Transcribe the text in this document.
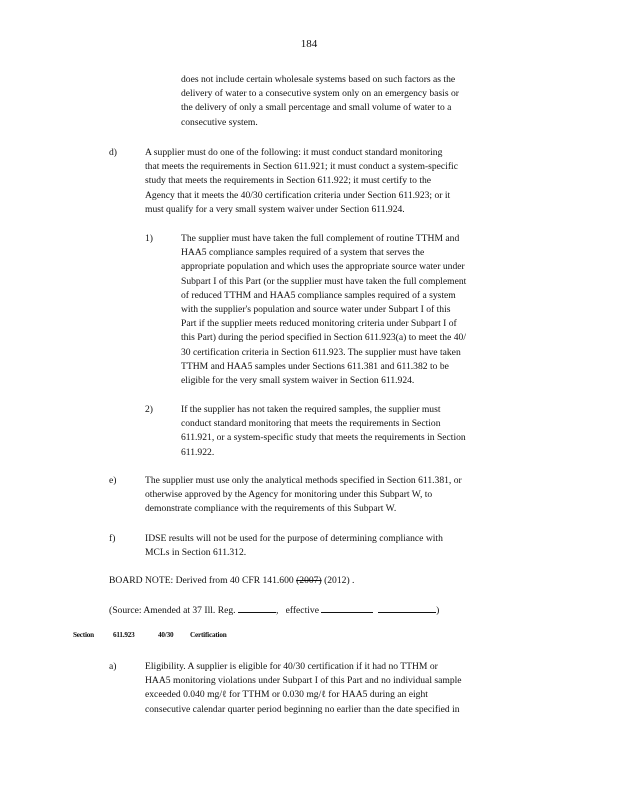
184
does not include certain wholesale systems based on such factors as the
delivery of water to a consecutive system only on an emergency basis or
the delivery of only a small percentage and small volume of water to a
consecutive system.
d)	A supplier must do one of the following: it must conduct standard monitoring
that meets the requirements in Section 611.921; it must conduct a system-specific
study that meets the requirements in Section 611.922; it must certify to the
Agency that it meets the 40/30 certification criteria under Section 611.923; or it
must qualify for a very small system waiver under Section 611.924.
1)	The supplier must have taken the full complement of routine TTHM and
HAA5 compliance samples required of a system that serves the
appropriate population and which uses the appropriate source water under
Subpart I of this Part (or the supplier must have taken the full complement
of reduced TTHM and HAA5 compliance samples required of a system
with the supplier's population and source water under Subpart I of this
Part if the supplier meets reduced monitoring criteria under Subpart I of
this Part) during the period specified in Section 611.923(a) to meet the 40/
30 certification criteria in Section 611.923. The supplier must have taken
TTHM and HAA5 samples under Sections 611.381 and 611.382 to be
eligible for the very small system waiver in Section 611.924.
2)	If the supplier has not taken the required samples, the supplier must
conduct standard monitoring that meets the requirements in Section
611.921, or a system-specific study that meets the requirements in Section
611.922.
e)	The supplier must use only the analytical methods specified in Section 611.381, or
otherwise approved by the Agency for monitoring under this Subpart W, to
demonstrate compliance with the requirements of this Subpart W.
f)	IDSE results will not be used for the purpose of determining compliance with
MCLs in Section 611.312.
BOARD NOTE: Derived from 40 CFR 141.600 (2007) (2012) .
(Source: Amended at 37 Ill. Reg.	, effective	)
Section	611.923	40/30 Certification
a)	Eligibility. A supplier is eligible for 40/30 certification if it had no TTHM or
HAA5 monitoring violations under Subpart I of this Part and no individual sample
exceeded 0.040 mg/ℓ for TTHM or 0.030 mg/ℓ for HAA5 during an eight
consecutive calendar quarter period beginning no earlier than the date specified in
